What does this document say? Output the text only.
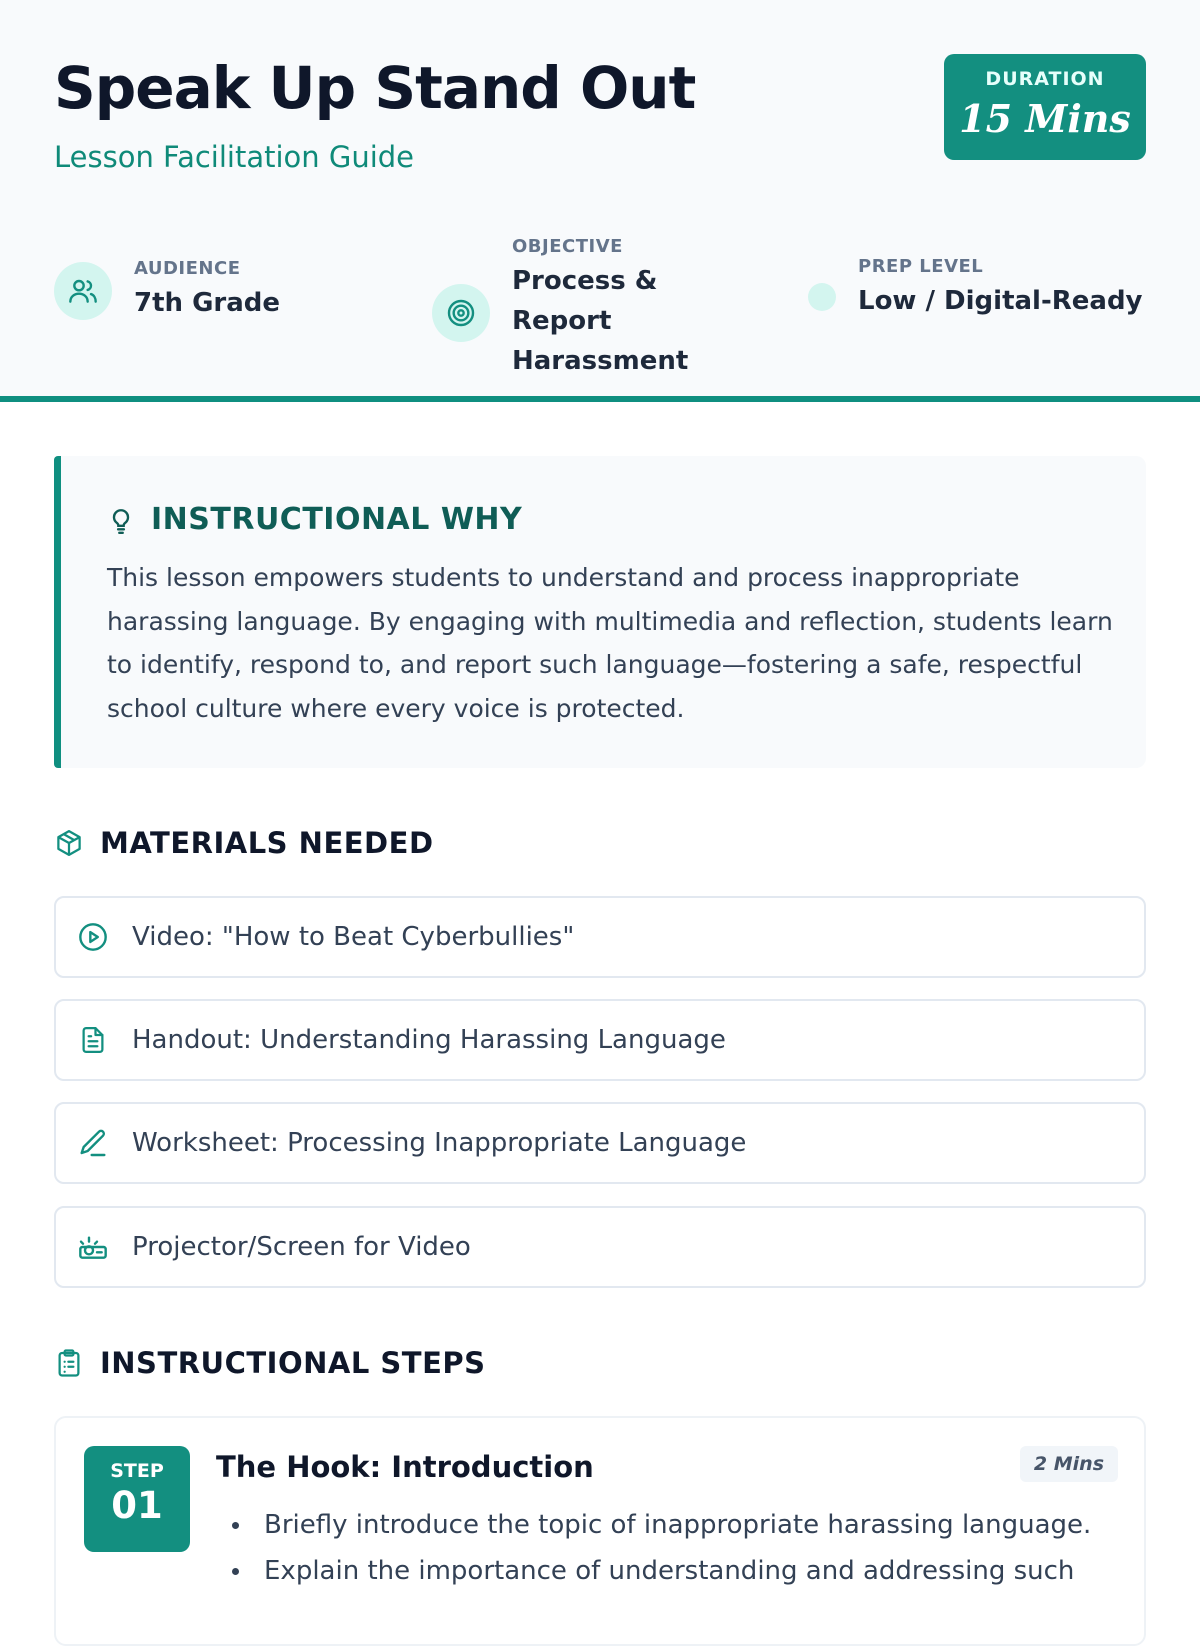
Speak Up Stand Out
Lesson Facilitation Guide
DURATION
15 Mins
AUDIENCE
7th Grade
OBJECTIVE
Process & Report Harassment
PREP LEVEL
Low / Digital-Ready
INSTRUCTIONAL WHY

This lesson empowers students to understand and process inappropriate harassing language. By engaging with multimedia and reflection, students learn to identify, respond to, and report such language—fostering a safe, respectful school culture where every voice is protected.

MATERIALS NEEDED
Video: "How to Beat Cyberbullies"
Handout: Understanding Harassing Language
Worksheet: Processing Inappropriate Language
Projector/Screen for Video
INSTRUCTIONAL STEPS
STEP
01
The Hook: Introduction	2 Mins
Briefly introduce the topic of inappropriate harassing language.
Explain the importance of understanding and addressing such
